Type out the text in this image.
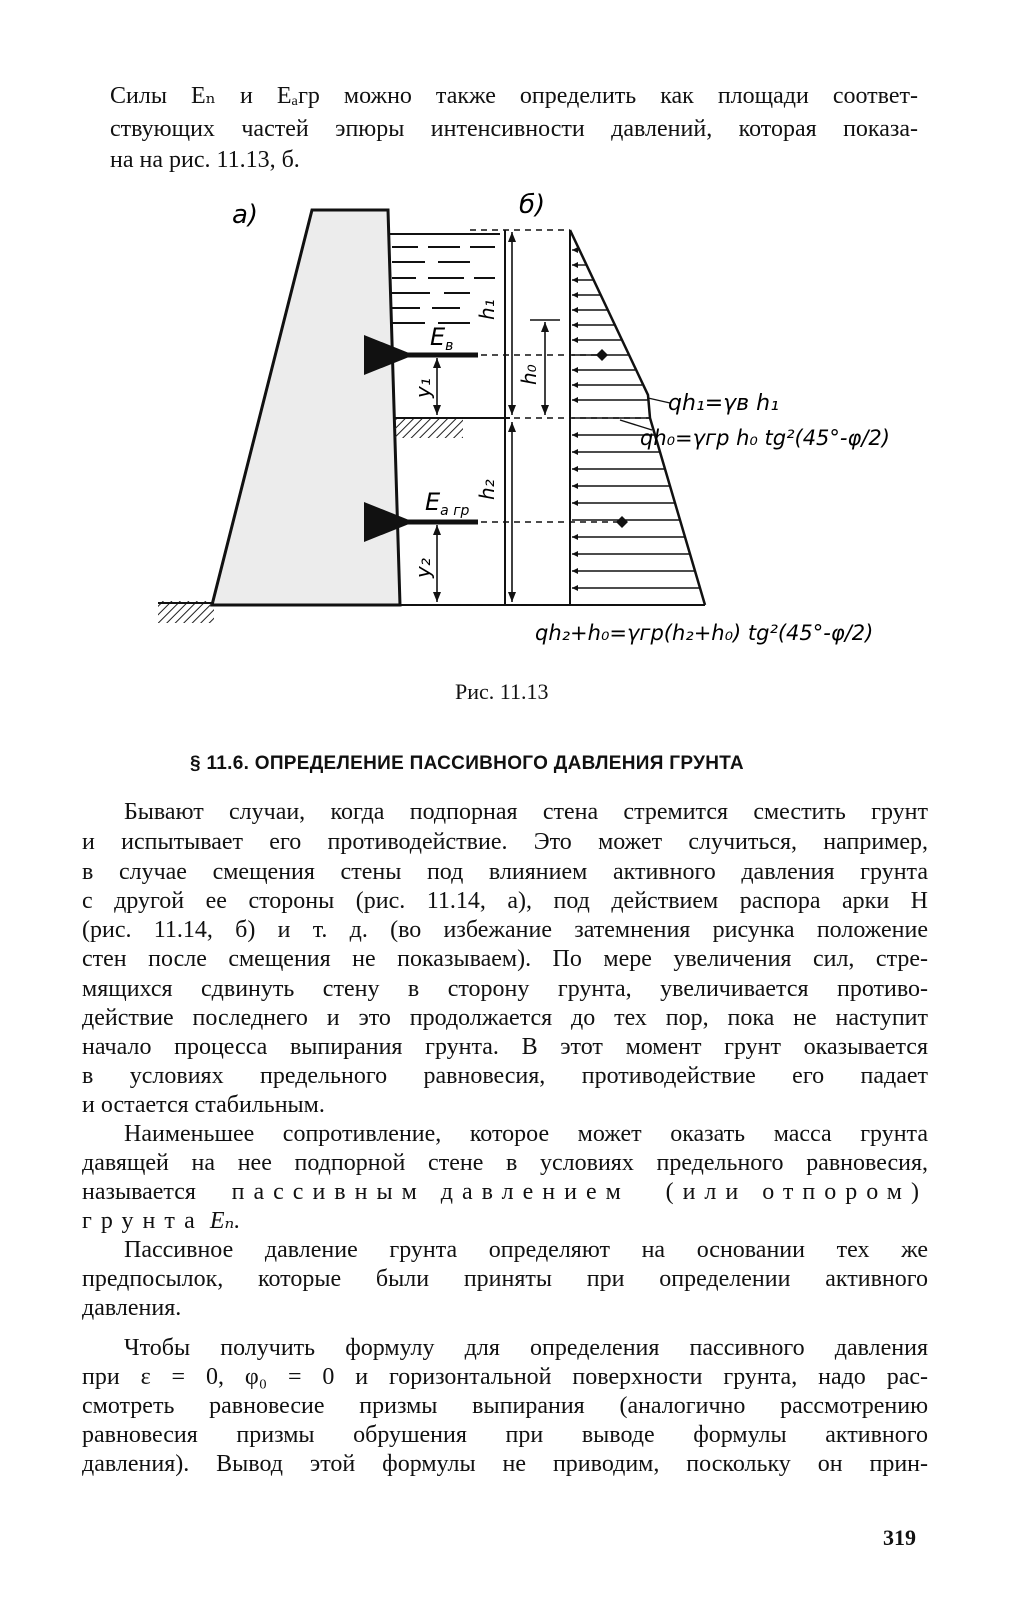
Силы Eₙ и Eₐгр можно также определить как площади соответ-
ствующих частей эпюры интенсивности давлений, которая показа-
на на рис. 11.13, б.
а)	б)
$E_в$
$E_{a гр}$
h₁
h₀
h₂
y₁
y₂
qh₁=γв h₁
qh₀=γгр h₀ tg²(45°-φ/2)
qh₂+h₀=γгр(h₂+h₀) tg²(45°-φ/2)
Рис. 11.13
§ 11.6. ОПРЕДЕЛЕНИЕ ПАССИВНОГО ДАВЛЕНИЯ ГРУНТА
Бывают случаи, когда подпорная стена стремится сместить грунт
и испытывает его противодействие. Это может случиться, например,
в случае смещения стены под влиянием активного давления грунта
с другой ее стороны (рис. 11.14, а), под действием распора арки H
(рис. 11.14, б) и т. д. (во избежание затемнения рисунка положение
стен после смещения не показываем). По мере увеличения сил, стре-
мящихся сдвинуть стену в сторону грунта, увеличивается противо-
действие последнего и это продолжается до тех пор, пока не наступит
начало процесса выпирания грунта. В этот момент грунт оказывается
в условиях предельного равновесия, противодействие его падает
и остается стабильным.
Наименьшее сопротивление, которое может оказать масса грунта
давящей на нее подпорной стене в условиях предельного равновесия,
называется пассивным давлением (или отпором)
грунта Eₙ.
Пассивное давление грунта определяют на основании тех же
предпосылок, которые были приняты при определении активного
давления.
Чтобы получить формулу для определения пассивного давления
при ε = 0, φ₀ = 0 и горизонтальной поверхности грунта, надо рас-
смотреть равновесие призмы выпирания (аналогично рассмотрению
равновесия призмы обрушения при выводе формулы активного
давления). Вывод этой формулы не приводим, поскольку он прин-
319
